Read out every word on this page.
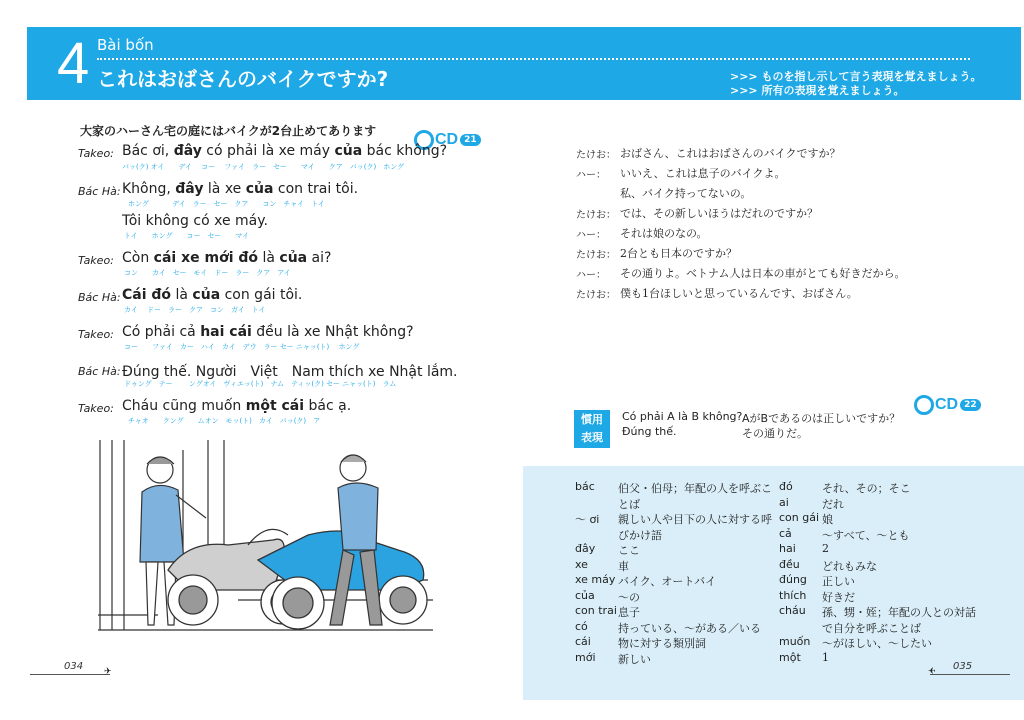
4 Bài bốn
これはおばさんのバイクですか?	>>> ものを指し示して言う表現を覚えましょう。
>>> 所有の表現を覚えましょう。
大家のハーさん宅の庭にはバイクが2台止めてあります	CD 21
CD 22
Takeo: Bác ơi, đây có phải là xe máy của bác không?
バッ(ク) オイ　　デイ　 コー　 ファイ　ラー　セー　　マイ　　クア　バッ(ク)　ホング
Bác Hà: Không, đây là xe của con trai tôi.
ホング　　　 デイ　ラー　セー　クア　　コン　チャイ　トイ
Tôi không có xe máy.
トイ　　ホング　　コー　セー　　マイ
Takeo: Còn cái xe mới đó là của ai?
コン　　カイ　セー　モイ　ドー　ラー　クア　アイ
Bác Hà: Cái đó là của con gái tôi.
カイ　 ドー　ラー　クア　コン　ガイ　トイ
Takeo: Có phải cả hai cái đều là xe Nhật không?
コー　　ファイ　カー　ハイ　カイ　デウ　ラー セー ニャッ(ト)　 ホング
Bác Hà: Đúng thế. Người　Việt　Nam thích xe Nhật lắm.
ドゥング　テー　　 ングオイ　ヴィエッ(ト)　ナム　ティッ(ク) セー ニャッ(ト)　ラム
Takeo: Cháu cũng muốn một cái bác ạ.
チャオ　　クング　　ムオン　モッ(ト)　カイ　バッ(ク)　ア
たけお： おばさん、これはおばさんのバイクですか？
ハー： いいえ、これは息子のバイクよ。
私、バイク持ってないの。
たけお： では、その新しいほうはだれのですか？
ハー： それは娘のなの。
たけお： 2台とも日本のですか？
ハー： その通りよ。ベトナム人は日本の車がとても好きだから。
たけお： 僕も1台ほしいと思っているんです、おばさん。
慣用
表現
Có phải A là B không? AがBであるのは正しいですか？
Đúng thế.	その通りだ。
bác 伯父・伯母；年配の人を呼ぶこ
とば
～ ơi 親しい人や目下の人に対する呼
びかけ語
đây ここ
xe	車
xe máy バイク、オートバイ
của ～の
con trai 息子
có	持っている、～がある／いる
cái 物に対する類別詞
mới 新しい
đó	それ、その；そこ
ai	だれ
con gái 娘
cả	～すべて、～とも
hai 2
đều どれもみな
đúng 正しい
thích 好きだ
cháu 孫、甥・姪；年配の人との対話
で自分を呼ぶことば
muốn ～がほしい、～したい
một 1
034 ✈	035
✈
